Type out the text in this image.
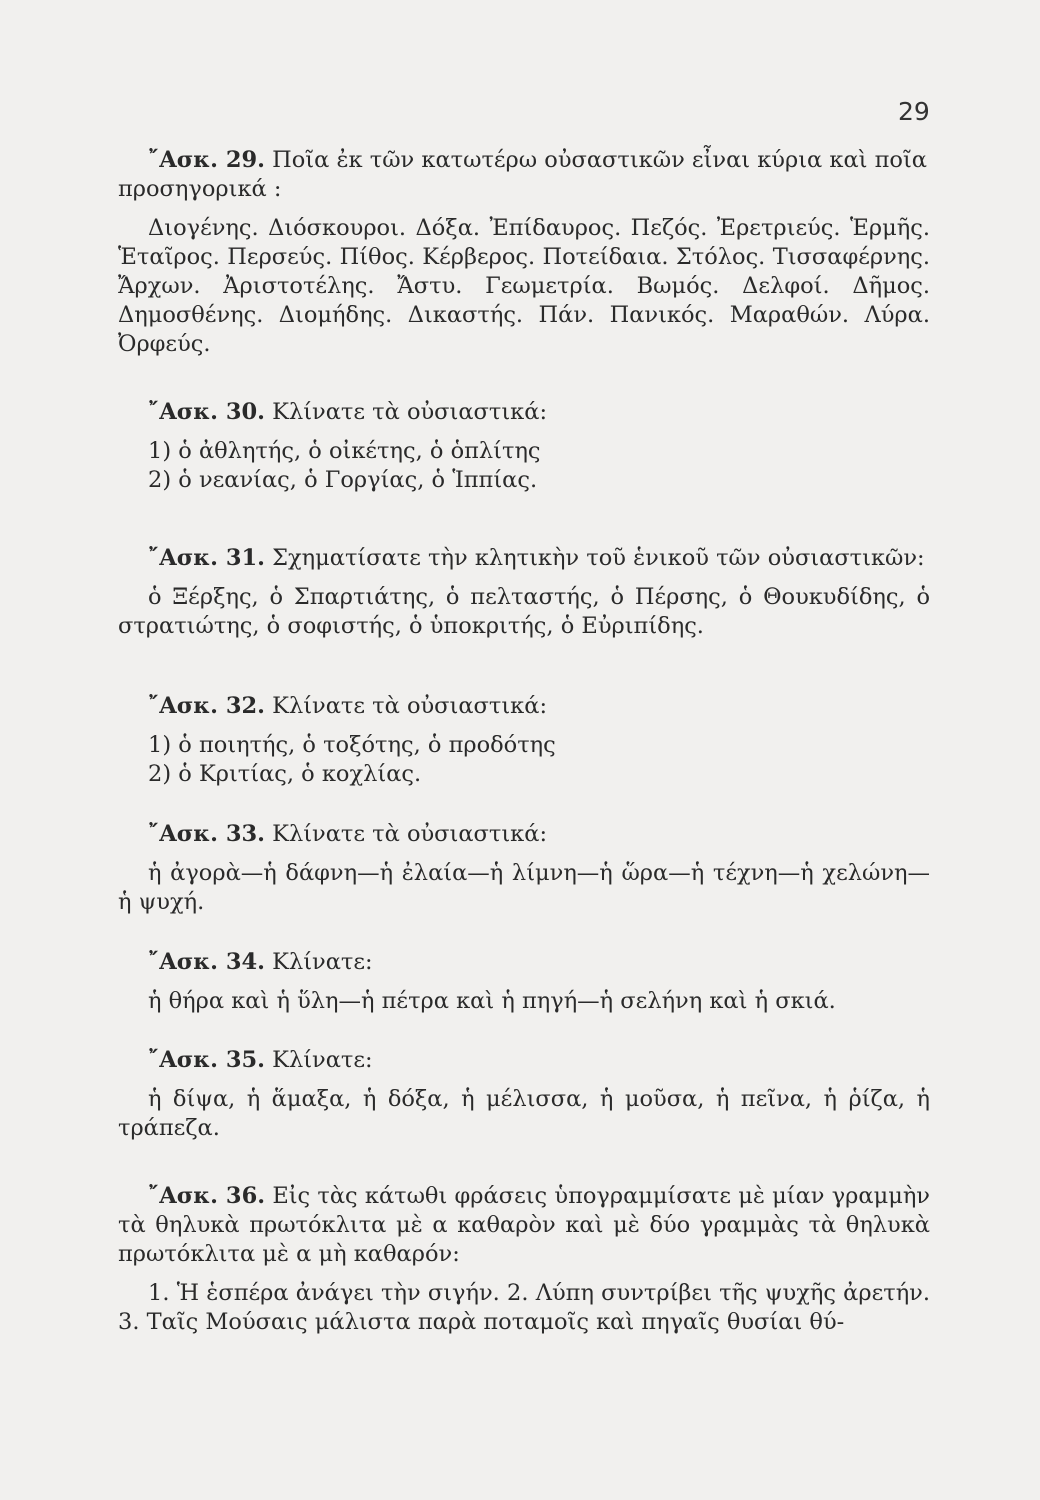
29

῎Ασκ. 29. Ποῖα ἐκ τῶν κατωτέρω οὐσαστικῶν εἶναι κύρια καὶ ποῖα προσηγορικά :

Διογένης. Διόσκουροι. Δόξα. Ἐπίδαυρος. Πεζός. Ἐρετριεύς. Ἑρμῆς. Ἑταῖρος. Περσεύς. Πίθος. Κέρβερος. Ποτείδαια. Στόλος. Τισσαφέρνης. Ἄρχων. Ἀριστοτέλης. Ἄστυ. Γεωμετρία. Βωμός. Δελφοί. Δῆμος. Δημοσθένης. Διομήδης. Δικαστής. Πάν. Πανικός. Μαραθών. Λύρα. Ὀρφεύς.

῎Ασκ. 30. Κλίνατε τὰ οὐσιαστικά:

1) ὁ ἀθλητής, ὁ οἰκέτης, ὁ ὁπλίτης

2) ὁ νεανίας, ὁ Γοργίας, ὁ Ἱππίας.

῎Ασκ. 31. Σχηματίσατε τὴν κλητικὴν τοῦ ἑνικοῦ τῶν οὐσιαστικῶν:

ὁ Ξέρξης, ὁ Σπαρτιάτης, ὁ πελταστής, ὁ Πέρσης, ὁ Θουκυδίδης, ὁ στρατιώτης, ὁ σοφιστής, ὁ ὑποκριτής, ὁ Εὐριπίδης.

῎Ασκ. 32. Κλίνατε τὰ οὐσιαστικά:

1) ὁ ποιητής, ὁ τοξότης, ὁ προδότης

2) ὁ Κριτίας, ὁ κοχλίας.

῎Ασκ. 33. Κλίνατε τὰ οὐσιαστικά:

ἡ ἀγορὰ—ἡ δάφνη—ἡ ἐλαία—ἡ λίμνη—ἡ ὥρα—ἡ τέχνη—ἡ χελώνη—ἡ ψυχή.

῎Ασκ. 34. Κλίνατε:

ἡ θήρα καὶ ἡ ὕλη—ἡ πέτρα καὶ ἡ πηγή—ἡ σελήνη καὶ ἡ σκιά.

῎Ασκ. 35. Κλίνατε:

ἡ δίψα, ἡ ἅμαξα, ἡ δόξα, ἡ μέλισσα, ἡ μοῦσα, ἡ πεῖνα, ἡ ῥίζα, ἡ τράπεζα.

῎Ασκ. 36. Εἰς τὰς κάτωθι φράσεις ὑπογραμμίσατε μὲ μίαν γραμμὴν τὰ θηλυκὰ πρωτόκλιτα μὲ α καθαρὸν καὶ μὲ δύο γραμμὰς τὰ θηλυκὰ πρωτόκλιτα μὲ α μὴ καθαρόν:

1. Ἡ ἑσπέρα ἀνάγει τὴν σιγήν. 2. Λύπη συντρίβει τῆς ψυχῆς ἀρετήν. 3. Ταῖς Μούσαις μάλιστα παρὰ ποταμοῖς καὶ πηγαῖς θυσίαι θύ-
